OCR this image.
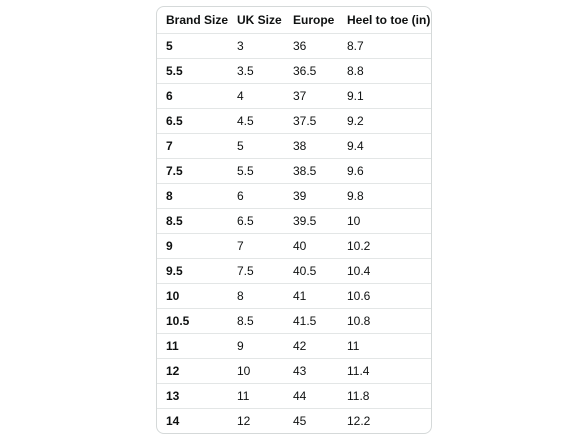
Brand Size	UK Size	Europe	Heel to toe (in)
5	3	36	8.7
5.5	3.5	36.5	8.8
6	4	37	9.1
6.5	4.5	37.5	9.2
7	5	38	9.4
7.5	5.5	38.5	9.6
8	6	39	9.8
8.5	6.5	39.5	10
9	7	40	10.2
9.5	7.5	40.5	10.4
10	8	41	10.6
10.5	8.5	41.5	10.8
11	9	42	11
12	10	43	11.4
13	11	44	11.8
14	12	45	12.2
